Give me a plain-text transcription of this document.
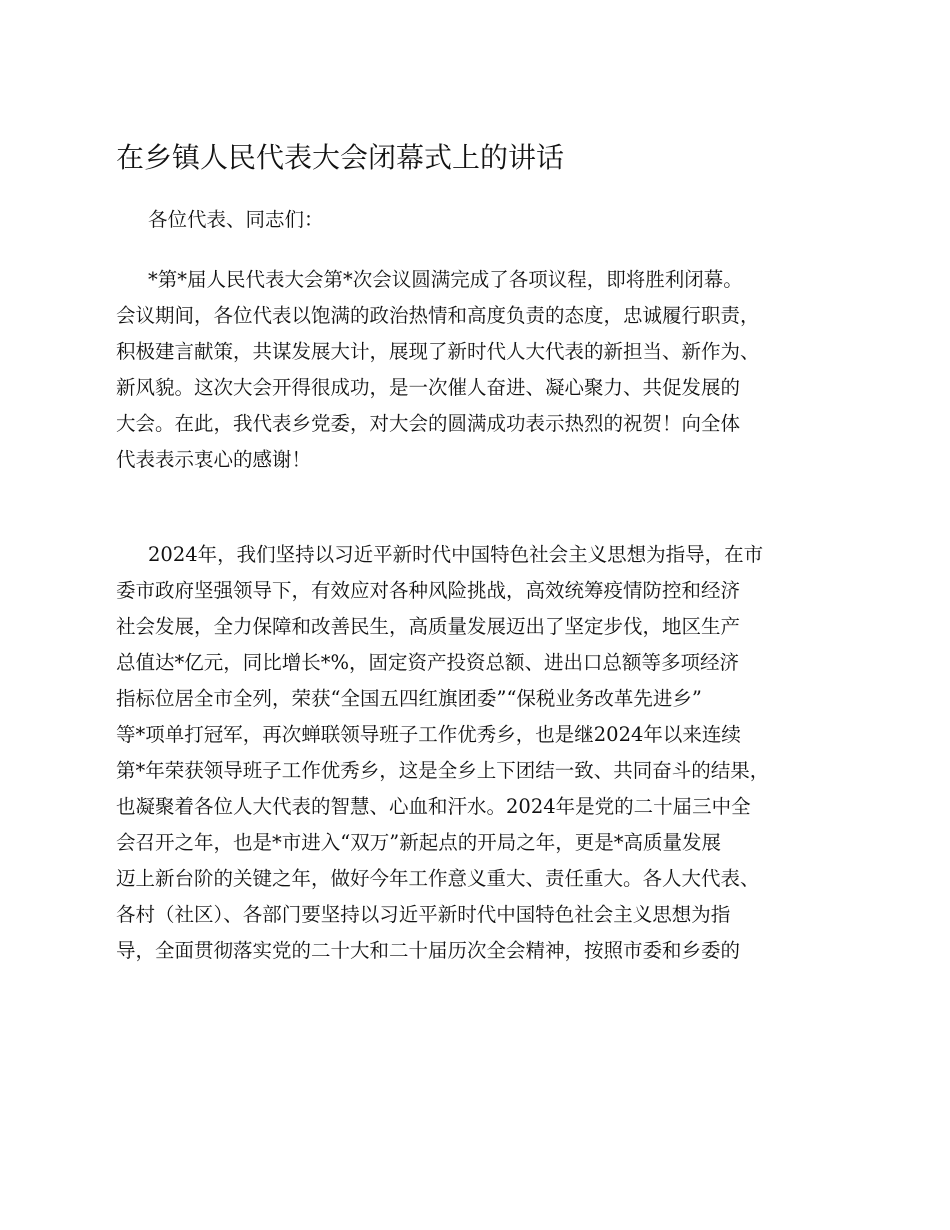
在乡镇人民代表大会闭幕式上的讲话
各位代表、同志们：
*第*届人民代表大会第*次会议圆满完成了各项议程，即将胜利闭幕。
会议期间，各位代表以饱满的政治热情和高度负责的态度，忠诚履行职责，
积极建言献策，共谋发展大计，展现了新时代人大代表的新担当、新作为、
新风貌。这次大会开得很成功，是一次催人奋进、凝心聚力、共促发展的
大会。在此，我代表乡党委，对大会的圆满成功表示热烈的祝贺！向全体
代表表示衷心的感谢！
2024年，我们坚持以习近平新时代中国特色社会主义思想为指导，在市
委市政府坚强领导下，有效应对各种风险挑战，高效统筹疫情防控和经济
社会发展，全力保障和改善民生，高质量发展迈出了坚定步伐，地区生产
总值达*亿元，同比增长*%，固定资产投资总额、进出口总额等多项经济
指标位居全市全列，荣获“全国五四红旗团委”“保税业务改革先进乡”
等*项单打冠军，再次蝉联领导班子工作优秀乡，也是继2024年以来连续
第*年荣获领导班子工作优秀乡，这是全乡上下团结一致、共同奋斗的结果，
也凝聚着各位人大代表的智慧、心血和汗水。2024年是党的二十届三中全
会召开之年，也是*市进入“双万”新起点的开局之年，更是*高质量发展
迈上新台阶的关键之年，做好今年工作意义重大、责任重大。各人大代表、
各村（社区）、各部门要坚持以习近平新时代中国特色社会主义思想为指
导，全面贯彻落实党的二十大和二十届历次全会精神，按照市委和乡委的
